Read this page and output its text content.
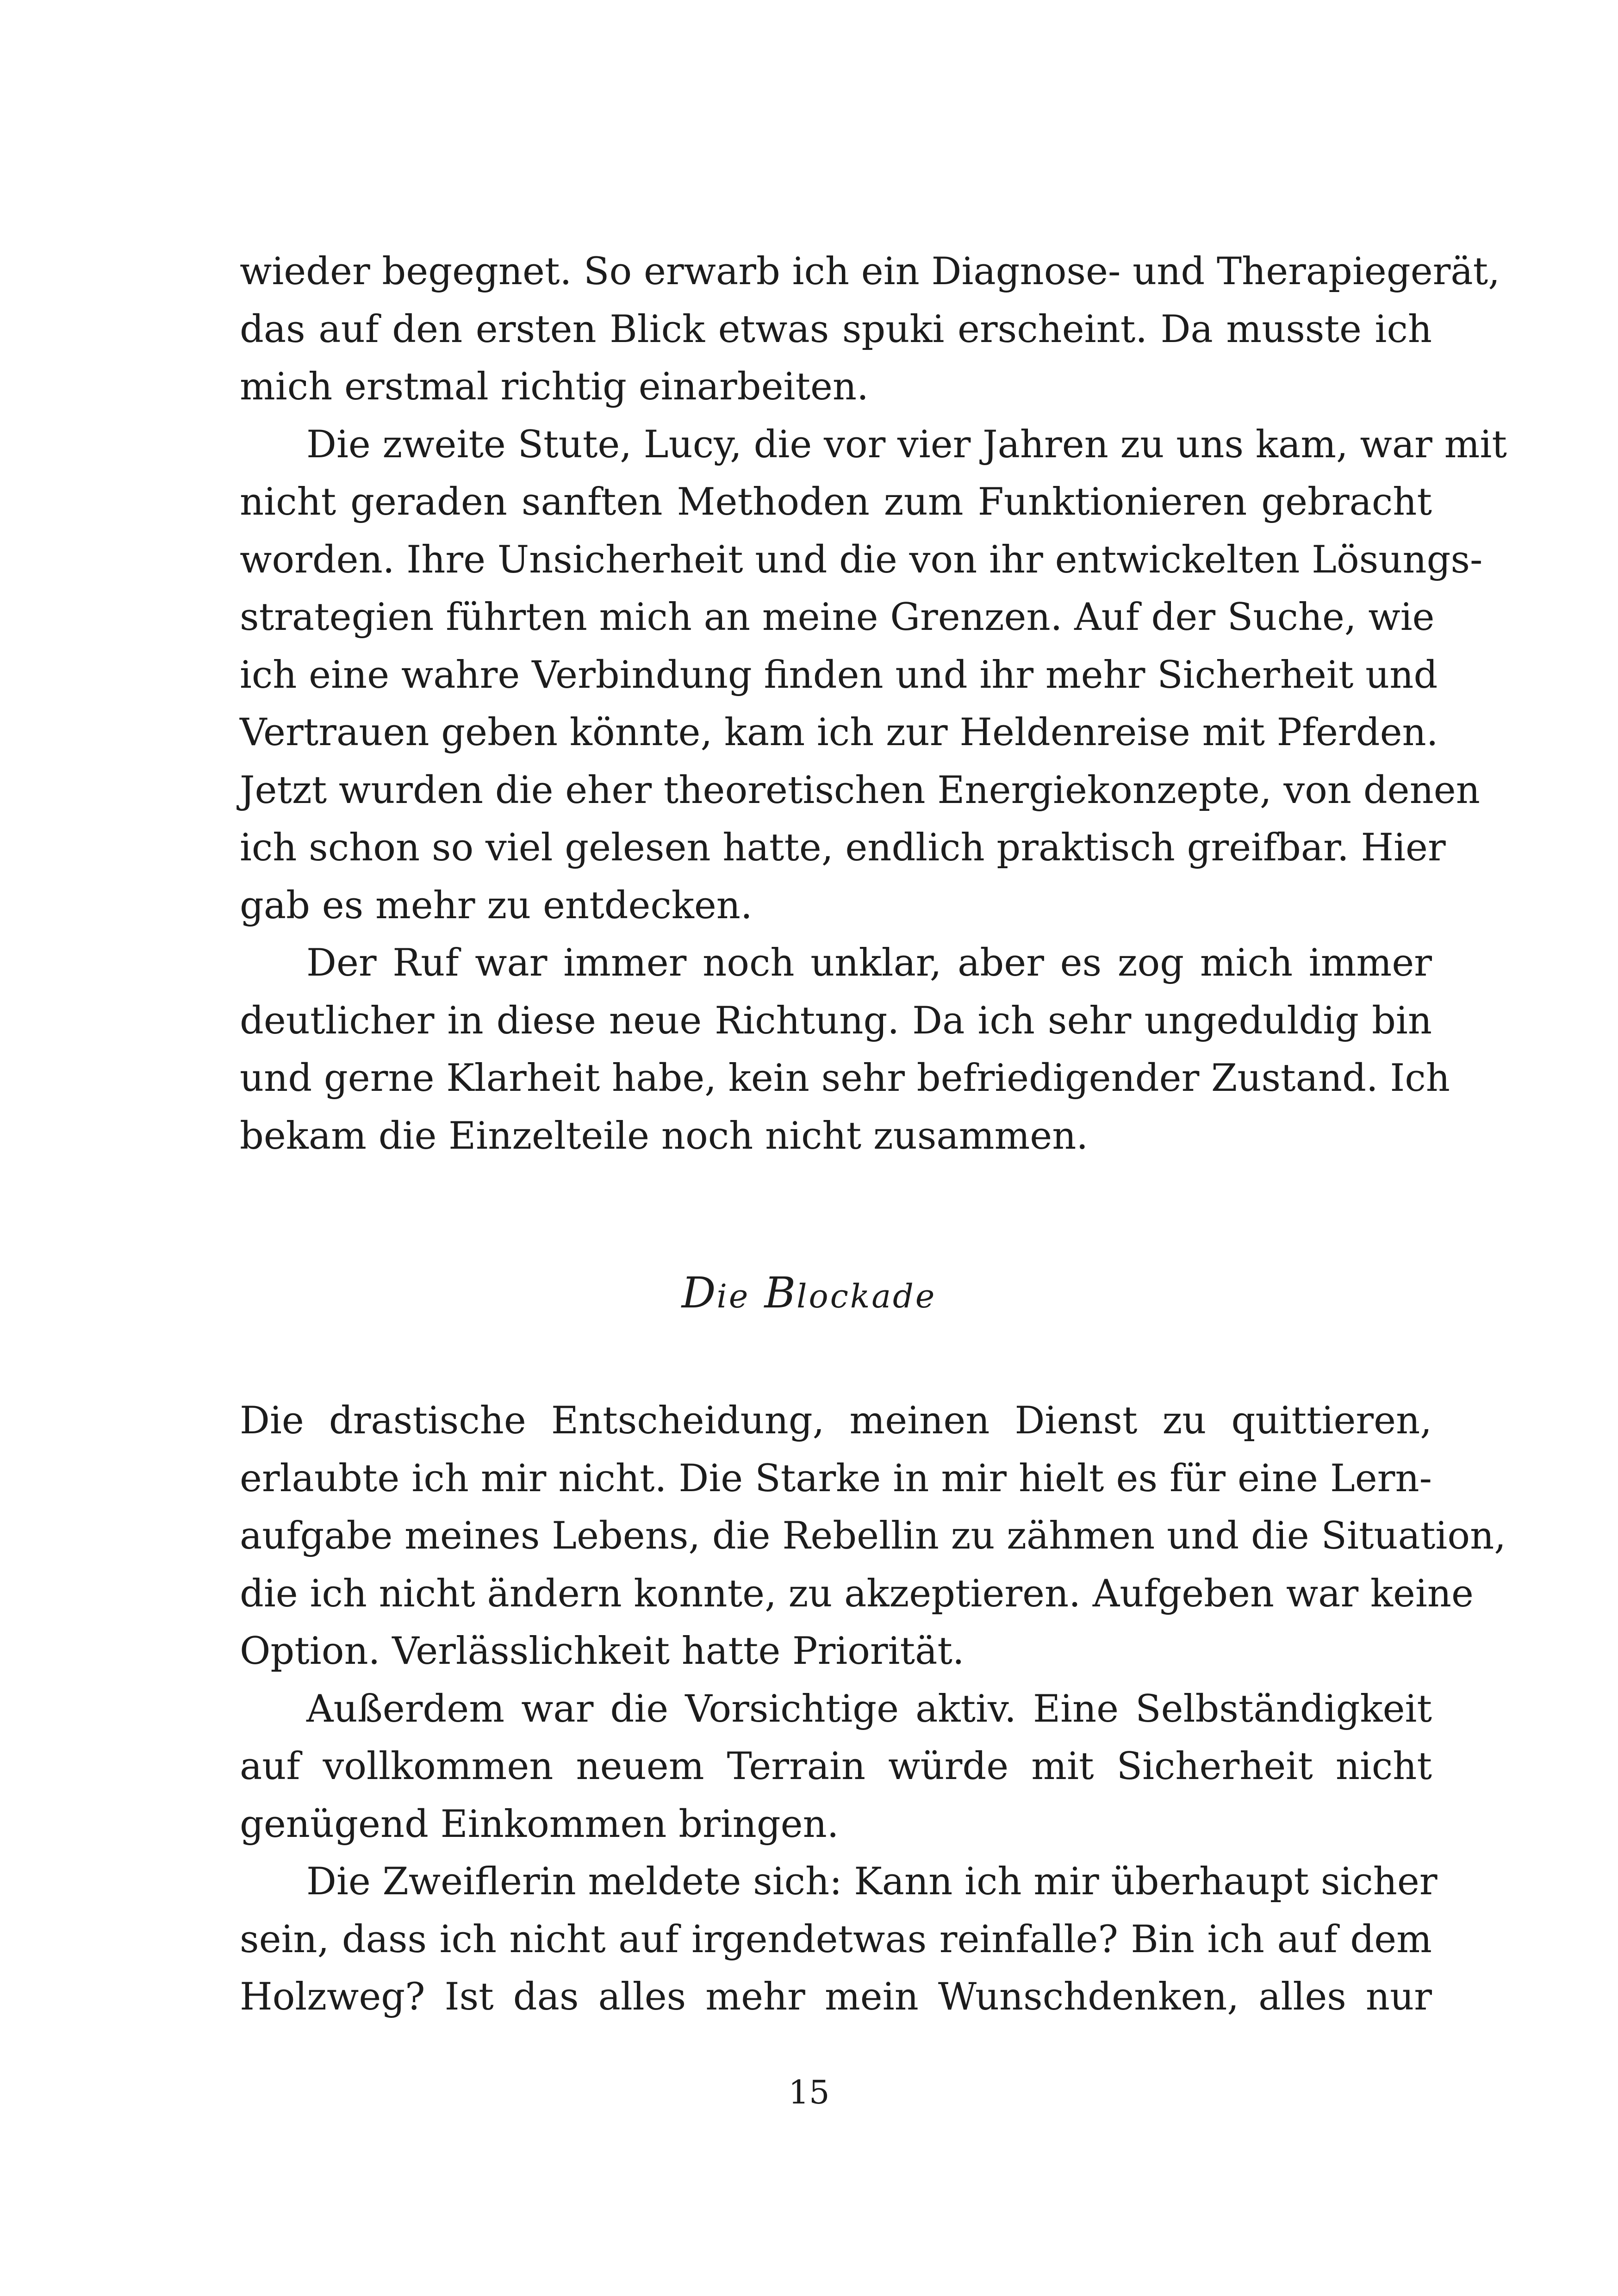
wieder begegnet. So erwarb ich ein Diagnose- und Therapiegerät,
das auf den ersten Blick etwas spuki erscheint. Da musste ich
mich erstmal richtig einarbeiten.
Die zweite Stute, Lucy, die vor vier Jahren zu uns kam, war mit
nicht geraden sanften Methoden zum Funktionieren gebracht
worden. Ihre Unsicherheit und die von ihr entwickelten Lösungs-
strategien führten mich an meine Grenzen. Auf der Suche, wie
ich eine wahre Verbindung finden und ihr mehr Sicherheit und
Vertrauen geben könnte, kam ich zur Heldenreise mit Pferden.
Jetzt wurden die eher theoretischen Energiekonzepte, von denen
ich schon so viel gelesen hatte, endlich praktisch greifbar. Hier
gab es mehr zu entdecken.
Der Ruf war immer noch unklar, aber es zog mich immer
deutlicher in diese neue Richtung. Da ich sehr ungeduldig bin
und gerne Klarheit habe, kein sehr befriedigender Zustand. Ich
bekam die Einzelteile noch nicht zusammen.
Die Blockade
Die drastische Entscheidung, meinen Dienst zu quittieren,
erlaubte ich mir nicht. Die Starke in mir hielt es für eine Lern-
aufgabe meines Lebens, die Rebellin zu zähmen und die Situation,
die ich nicht ändern konnte, zu akzeptieren. Aufgeben war keine
Option. Verlässlichkeit hatte Priorität.
Außerdem war die Vorsichtige aktiv. Eine Selbständigkeit
auf vollkommen neuem Terrain würde mit Sicherheit nicht
genügend Einkommen bringen.
Die Zweiflerin meldete sich: Kann ich mir überhaupt sicher
sein, dass ich nicht auf irgendetwas reinfalle? Bin ich auf dem
Holzweg? Ist das alles mehr mein Wunschdenken, alles nur
15
